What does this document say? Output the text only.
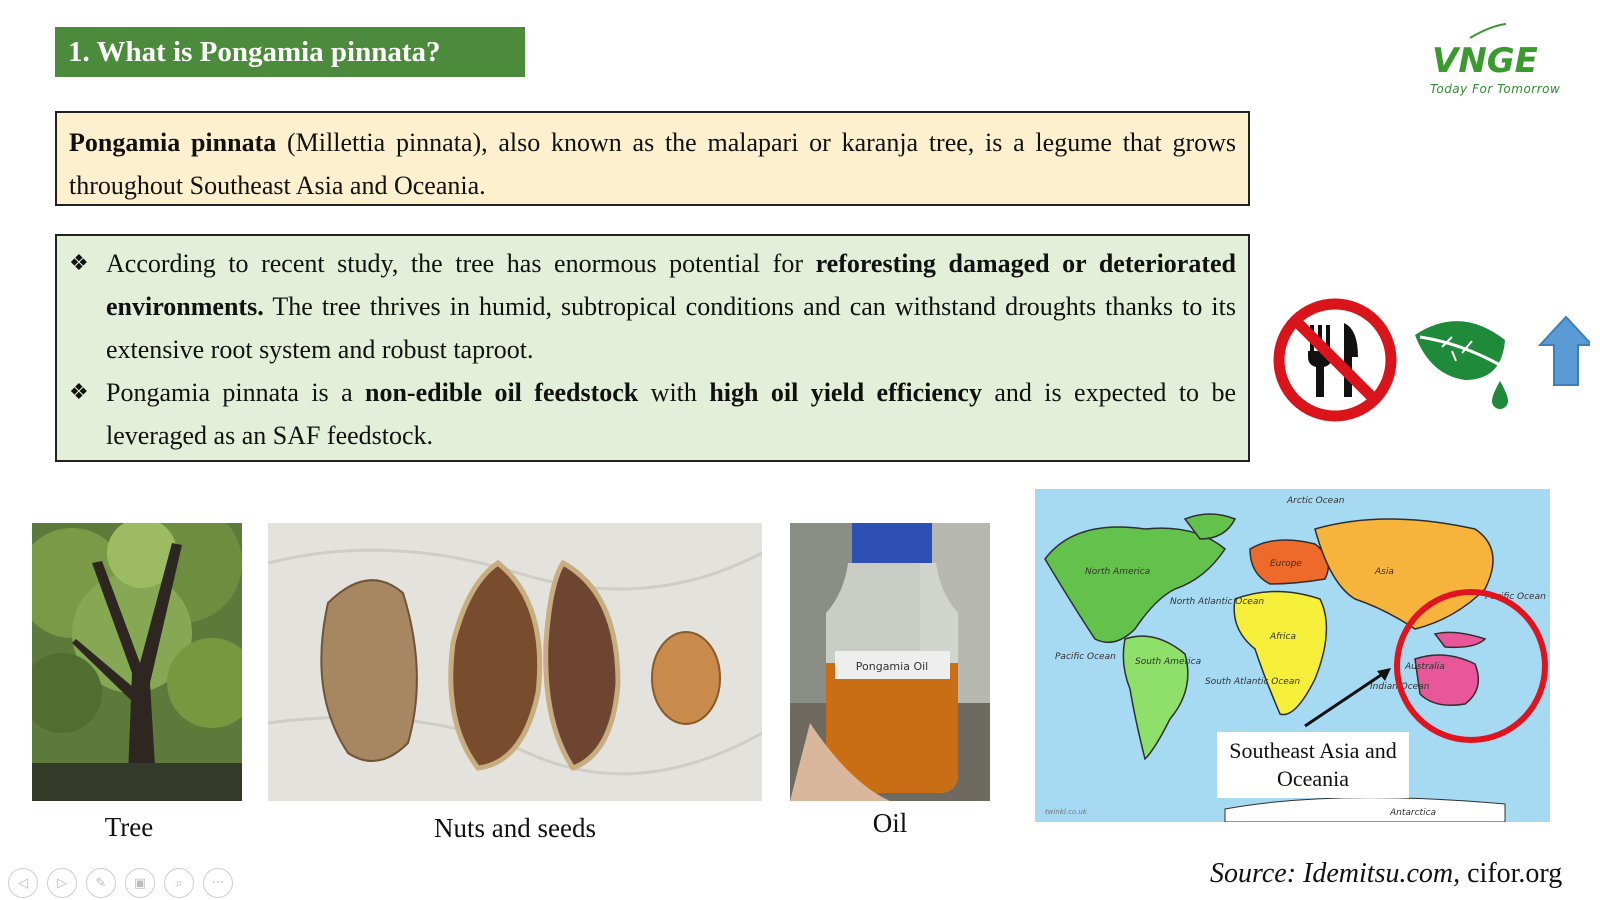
1. What is Pongamia pinnata?	VNGE
Today For Tomorrow
Pongamia pinnata (Millettia pinnata), also known as the malapari or karanja tree, is a legume that grows throughout Southeast Asia and Oceania.
❖ According to recent study, the tree has enormous potential for reforesting damaged or deteriorated environments. The tree thrives in humid, subtropical conditions and can withstand droughts thanks to its extensive root system and robust taproot.
❖ Pongamia pinnata is a non-edible oil feedstock with high oil yield efficiency and is expected to be leveraged as an SAF feedstock.
Tree	Nuts and seeds
Pongamia Oil
Oil
Arctic Ocean
North America
North Atlantic Ocean
Europe
Asia
Africa
Pacific Ocean
Pacific Ocean
South America
South Atlantic Ocean	Indian Ocean
Australia
Antarctica
twinkl.co.uk
Southeast Asia and Oceania
Source: Idemitsu.com, cifor.org
◁	▷	✎	▣	⌕	···
